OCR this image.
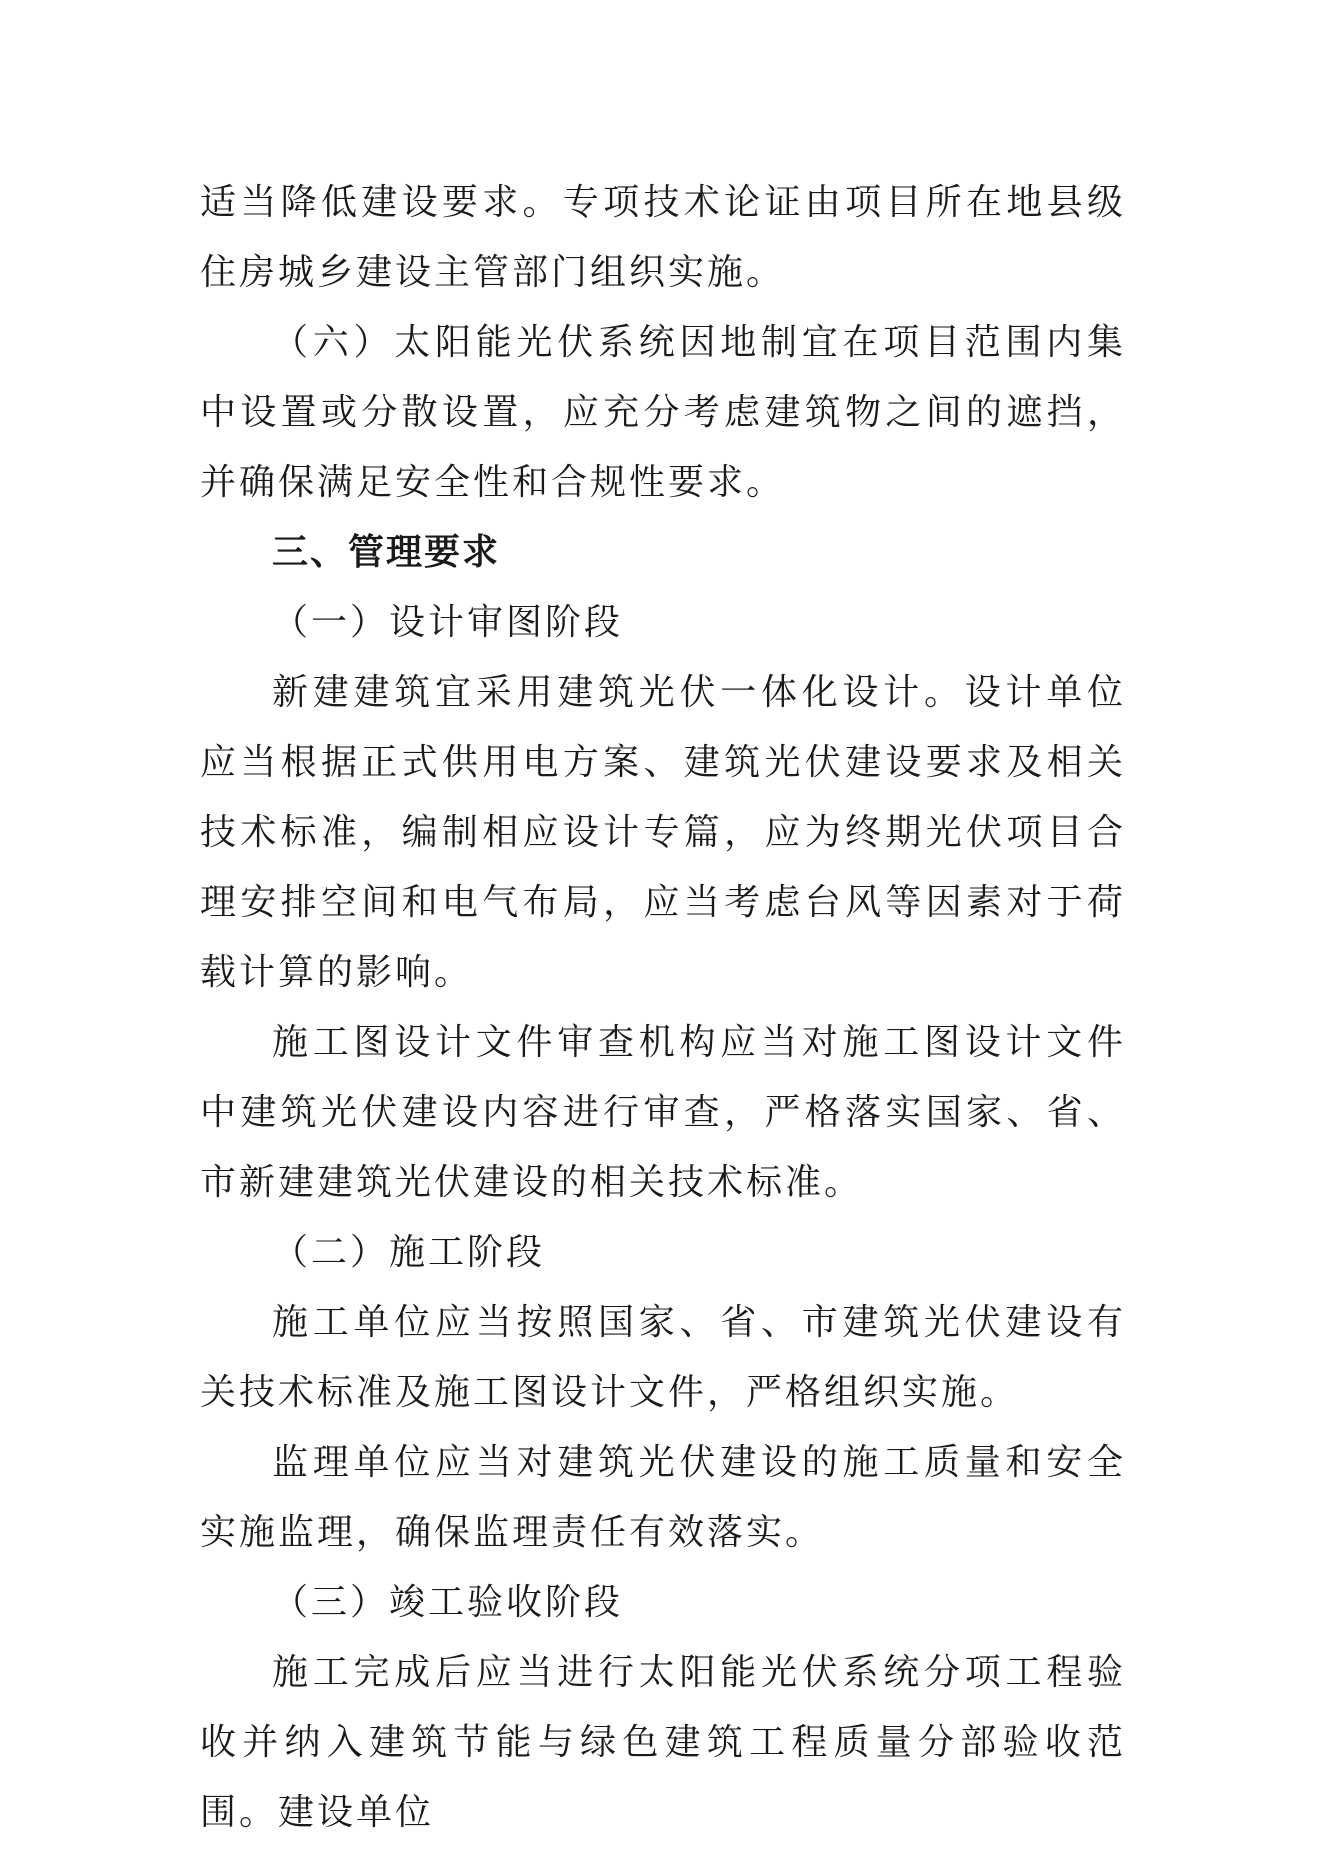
适当降低建设要求。专项技术论证由项目所在地县级住房城乡建设主管部门组织实施。

（六）太阳能光伏系统因地制宜在项目范围内集中设置或分散设置，应充分考虑建筑物之间的遮挡，并确保满足安全性和合规性要求。

三、管理要求

（一）设计审图阶段

新建建筑宜采用建筑光伏一体化设计。设计单位应当根据正式供用电方案、建筑光伏建设要求及相关技术标准，编制相应设计专篇，应为终期光伏项目合理安排空间和电气布局，应当考虑台风等因素对于荷载计算的影响。

施工图设计文件审查机构应当对施工图设计文件中建筑光伏建设内容进行审查，严格落实国家、省、市新建建筑光伏建设的相关技术标准。

（二）施工阶段

施工单位应当按照国家、省、市建筑光伏建设有关技术标准及施工图设计文件，严格组织实施。

监理单位应当对建筑光伏建设的施工质量和安全实施监理，确保监理责任有效落实。

（三）竣工验收阶段

施工完成后应当进行太阳能光伏系统分项工程验收并纳入建筑节能与绿色建筑工程质量分部验收范围。建设单位
